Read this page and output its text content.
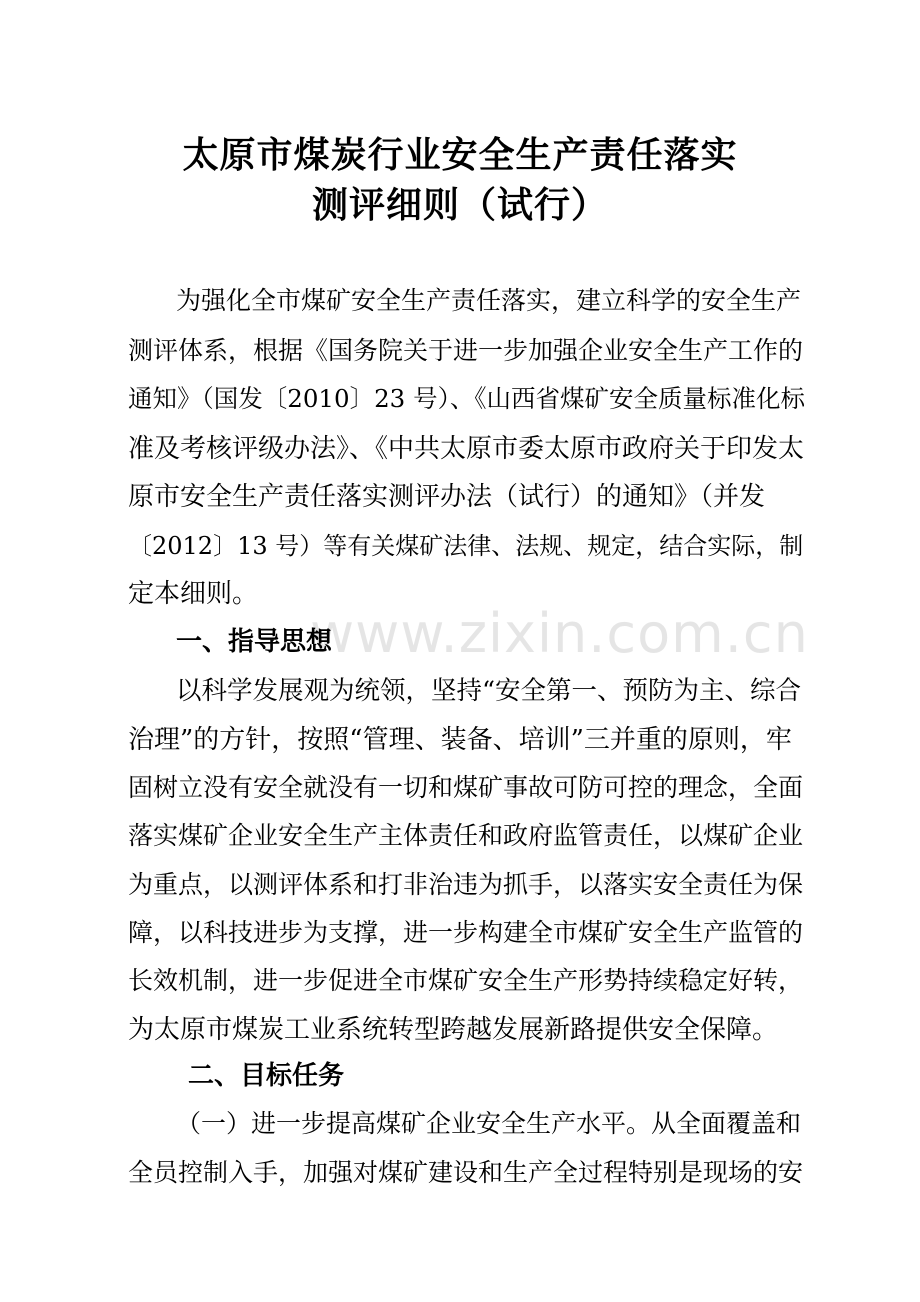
太原市煤炭行业安全生产责任落实
测评细则（试行）
为强化全市煤矿安全生产责任落实，建立科学的安全生产
测评体系，根据《国务院关于进一步加强企业安全生产工作的
通知》（国发〔2010〕23 号）、《山西省煤矿安全质量标准化标
准及考核评级办法》、《中共太原市委太原市政府关于印发太
原市安全生产责任落实测评办法（试行）的通知》（并发
〔2012〕13 号）等有关煤矿法律、法规、规定，结合实际，制
定本细则。
一、指导思想
以科学发展观为统领，坚持“安全第一、预防为主、综合
治理”的方针，按照“管理、装备、培训”三并重的原则，牢
固树立没有安全就没有一切和煤矿事故可防可控的理念，全面
落实煤矿企业安全生产主体责任和政府监管责任，以煤矿企业
为重点，以测评体系和打非治违为抓手，以落实安全责任为保
障，以科技进步为支撑，进一步构建全市煤矿安全生产监管的
长效机制，进一步促进全市煤矿安全生产形势持续稳定好转，
为太原市煤炭工业系统转型跨越发展新路提供安全保障。
二、目标任务
（一）进一步提高煤矿企业安全生产水平。从全面覆盖和
全员控制入手，加强对煤矿建设和生产全过程特别是现场的安
www.zixin.com.cn
